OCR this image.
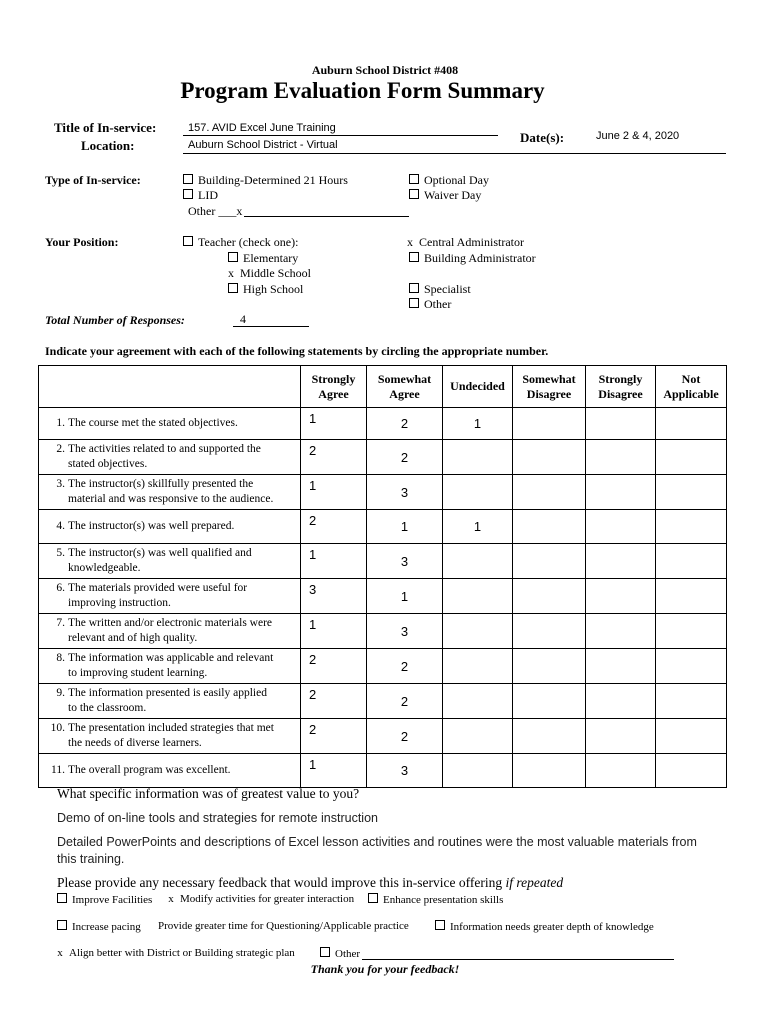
Auburn School District #408
Program Evaluation Form Summary
Title of In-service:
Location:
157. AVID Excel June Training
Auburn School District - Virtual	Date(s):	June 2 & 4, 2020
Type of In-service:	Building-Determined 21 Hours
LID
Other ___x
Optional Day
Waiver Day
Your Position:	Teacher (check one):
Elementary
x Middle School
High School
x Central Administrator
Building Administrator
Specialist
Other
Total Number of Responses:	4
Indicate your agreement with each of the following statements by circling the appropriate number.
	Strongly
Agree	Somewhat
Agree	Undecided	Somewhat
Disagree	Strongly
Disagree	Not
Applicable
1. The course met the stated objectives.	1	2	1			
2. The activities related to and supported the
stated objectives.	2	2				
3. The instructor(s) skillfully presented the
material and was responsive to the audience.	1	3				
4. The instructor(s) was well prepared.	2	1	1			
5. The instructor(s) was well qualified and
knowledgeable.	1	3				
6. The materials provided were useful for
improving instruction.	3	1				
7. The written and/or electronic materials were
relevant and of high quality.	1	3				
8. The information was applicable and relevant
to improving student learning.	2	2				
9. The information presented is easily applied
to the classroom.	2	2				
10. The presentation included strategies that met
the needs of diverse learners.	2	2				
11. The overall program was excellent.	1	3				
What specific information was of greatest value to you?
Demo of on-line tools and strategies for remote instruction
Detailed PowerPoints and descriptions of Excel lesson activities and routines were the most valuable materials from this training.
Please provide any necessary feedback that would improve this in-service offering if repeated
Improve Facilities x Modify activities for greater interaction	Enhance presentation skills
Increase pacing Provide greater time for Questioning/Applicable practice	Information needs greater depth of knowledge
x Align better with District or Building strategic plan	Other
Thank you for your feedback!
